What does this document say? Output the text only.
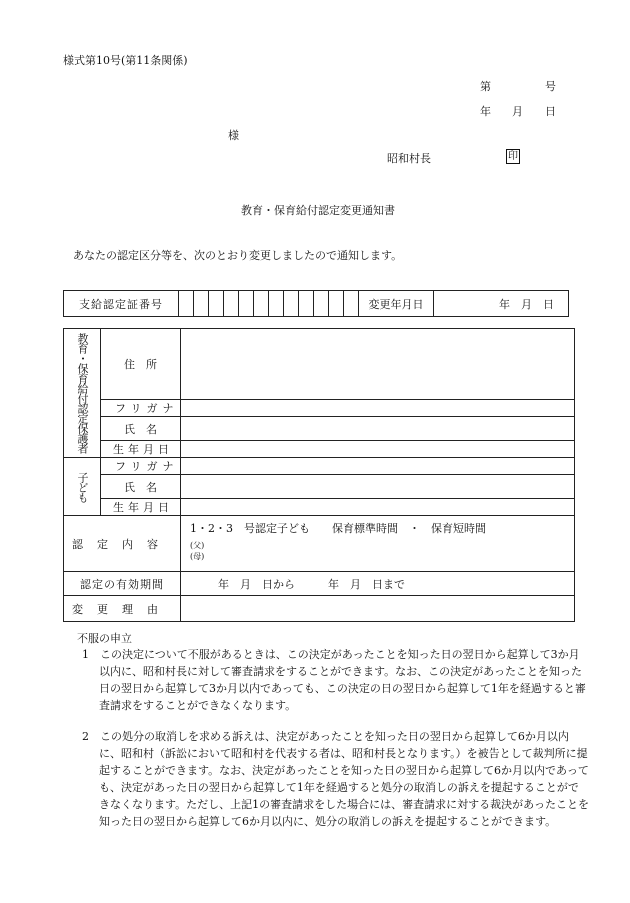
様式第10号(第11条関係)
第	号
年 月 日
様
昭和村長	印
教育・保育給付認定変更通知書
あなたの認定区分等を、次のとおり変更しましたので通知します。
支給認定証番号													変更年月日	年　月　日
教育・保育給付認定保護者	住　所	
	フリガナ	
	氏　名	
	生年月日	
子ども	フリガナ	
	氏　名	
	生年月日	
認定内容		1・2・3　号認定子ども　　保育標準時間　・　保育短時間
(父)
(母)

認定の有効期間		年　月　日から　　　年　月　日まで
変更理由		
不服の申立
1　この決定について不服があるときは、この決定があったことを知った日の翌日から起算して3か月以内に、昭和村長に対して審査請求をすることができます。なお、この決定があったことを知った日の翌日から起算して3か月以内であっても、この決定の日の翌日から起算して1年を経過すると審査請求をすることができなくなります。
2　この処分の取消しを求める訴えは、決定があったことを知った日の翌日から起算して6か月以内に、昭和村（訴訟において昭和村を代表する者は、昭和村長となります。）を被告として裁判所に提起することができます。なお、決定があったことを知った日の翌日から起算して6か月以内であっても、決定があった日の翌日から起算して1年を経過すると処分の取消しの訴えを提起することができなくなります。ただし、上記1の審査請求をした場合には、審査請求に対する裁決があったことを知った日の翌日から起算して6か月以内に、処分の取消しの訴えを提起することができます。
